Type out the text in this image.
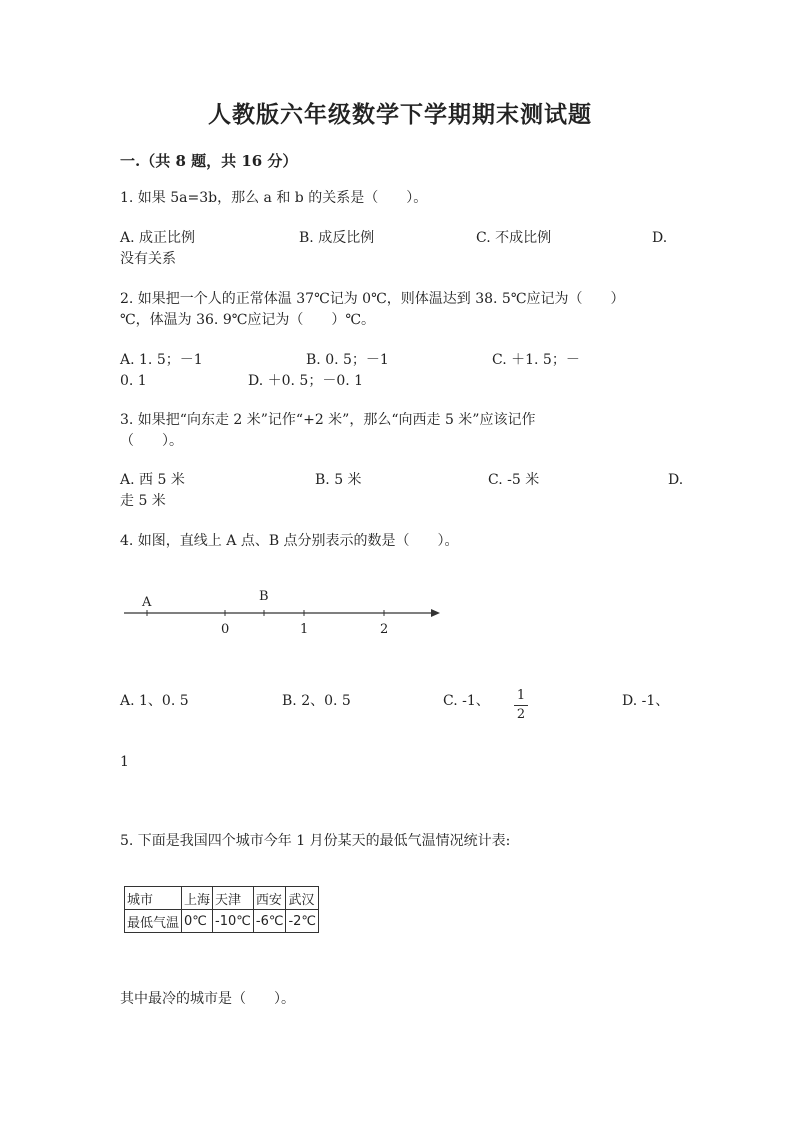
人教版六年级数学下学期期末测试题
一.（共 8 题，共 16 分）
1. 如果 5a=3b，那么 a 和 b 的关系是（　　）。
A. 成正比例	B. 成反比例	C. 不成比例	D.
没有关系
2. 如果把一个人的正常体温 37℃记为 0℃，则体温达到 38. 5℃应记为（　　）
℃，体温为 36. 9℃应记为（　　）℃。
A. 1. 5；－1	B. 0. 5；－1	C. ＋1. 5；－
0. 1	D. ＋0. 5；－0. 1
3. 如果把“向东走 2 米”记作“+2 米”，那么“向西走 5 米”应该记作
（　　）。
A. 西 5 米	B. 5 米	C. -5 米	D.
走 5 米
4. 如图，直线上 A 点、B 点分别表示的数是（　　）。
A	B
0	1	2
A. 1、0. 5	B. 2、0. 5	C. -1、 1
2
D. -1、
1
5. 下面是我国四个城市今年 1 月份某天的最低气温情况统计表:
城市	上海	天津	西安	武汉
最低气温	0℃	-10℃	-6℃	-2℃
其中最冷的城市是（　　）。
